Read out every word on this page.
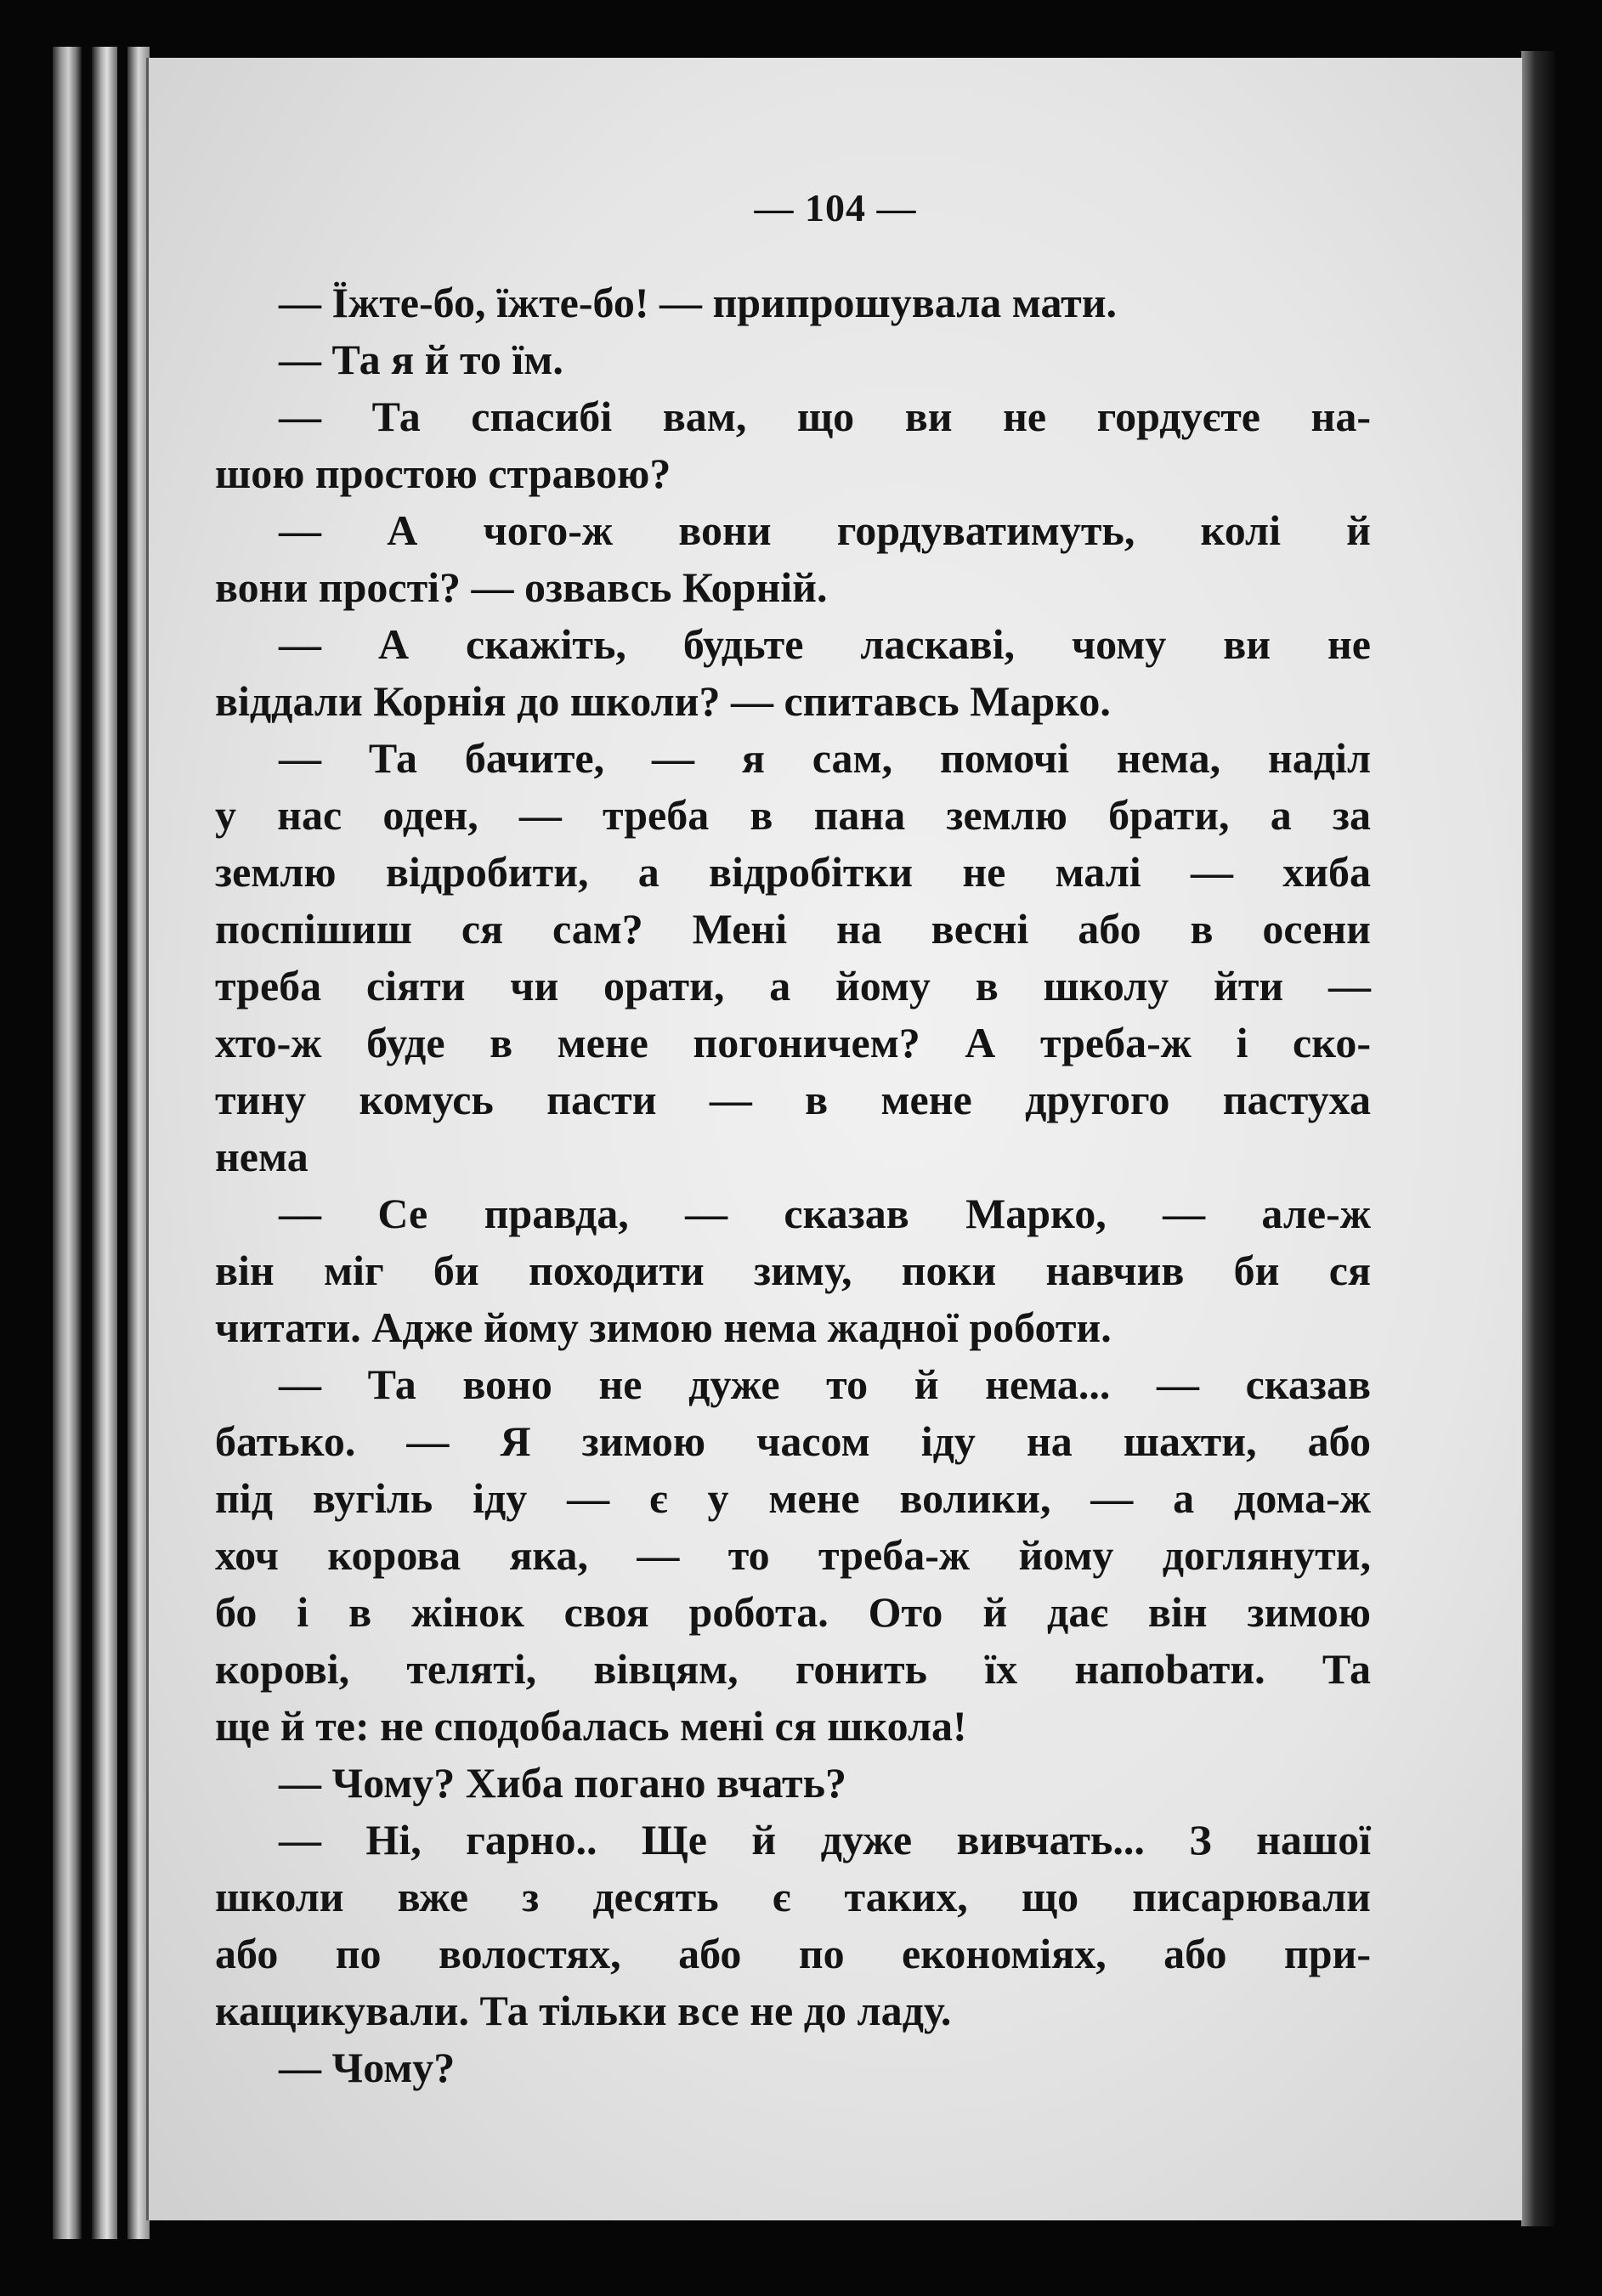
— 104 —
— Їжте-бо, їжте-бо! — припрошувала мати.
— Та я й то їм.
— Та спасибі вам, що ви не гордуєте на-
шою простою стравою?
— А чого-ж вони гордуватимуть, колі й
вони прості? — озвавсь Корній.
— А скажіть, будьте ласкаві, чому ви не
віддали Корнія до школи? — спитавсь Марко.
— Та бачите, — я сам, помочі нема, наділ
у нас оден, — треба в пана землю брати, а за
землю відробити, а відробітки не малі — хиба
поспішиш ся сам? Мені на весні або в осени
треба сіяти чи орати, а йому в школу йти —
хто-ж буде в мене погоничем? А треба-ж і ско-
тину комусь пасти — в мене другого пастуха
нема
— Се правда, — сказав Марко, — але-ж
він міг би походити зиму, поки навчив би ся
читати. Адже йому зимою нема жадної роботи.
— Та воно не дуже то й нема... — сказав
батько. — Я зимою часом іду на шахти, або
під вугіль іду — є у мене волики, — а дома-ж
хоч корова яка, — то треба-ж йому доглянути,
бо і в жінок своя робота. Ото й дає він зимою
корові, теляті, вівцям, гонить їх напоbати. Та
ще й те: не сподобалась мені ся школа!
— Чому? Хиба погано вчать?
— Ні, гарно.. Ще й дуже вивчать... З нашої
школи вже з десять є таких, що писарювали
або по волостях, або по економіях, або при-
кащикували. Та тільки все не до ладу.
— Чому?
